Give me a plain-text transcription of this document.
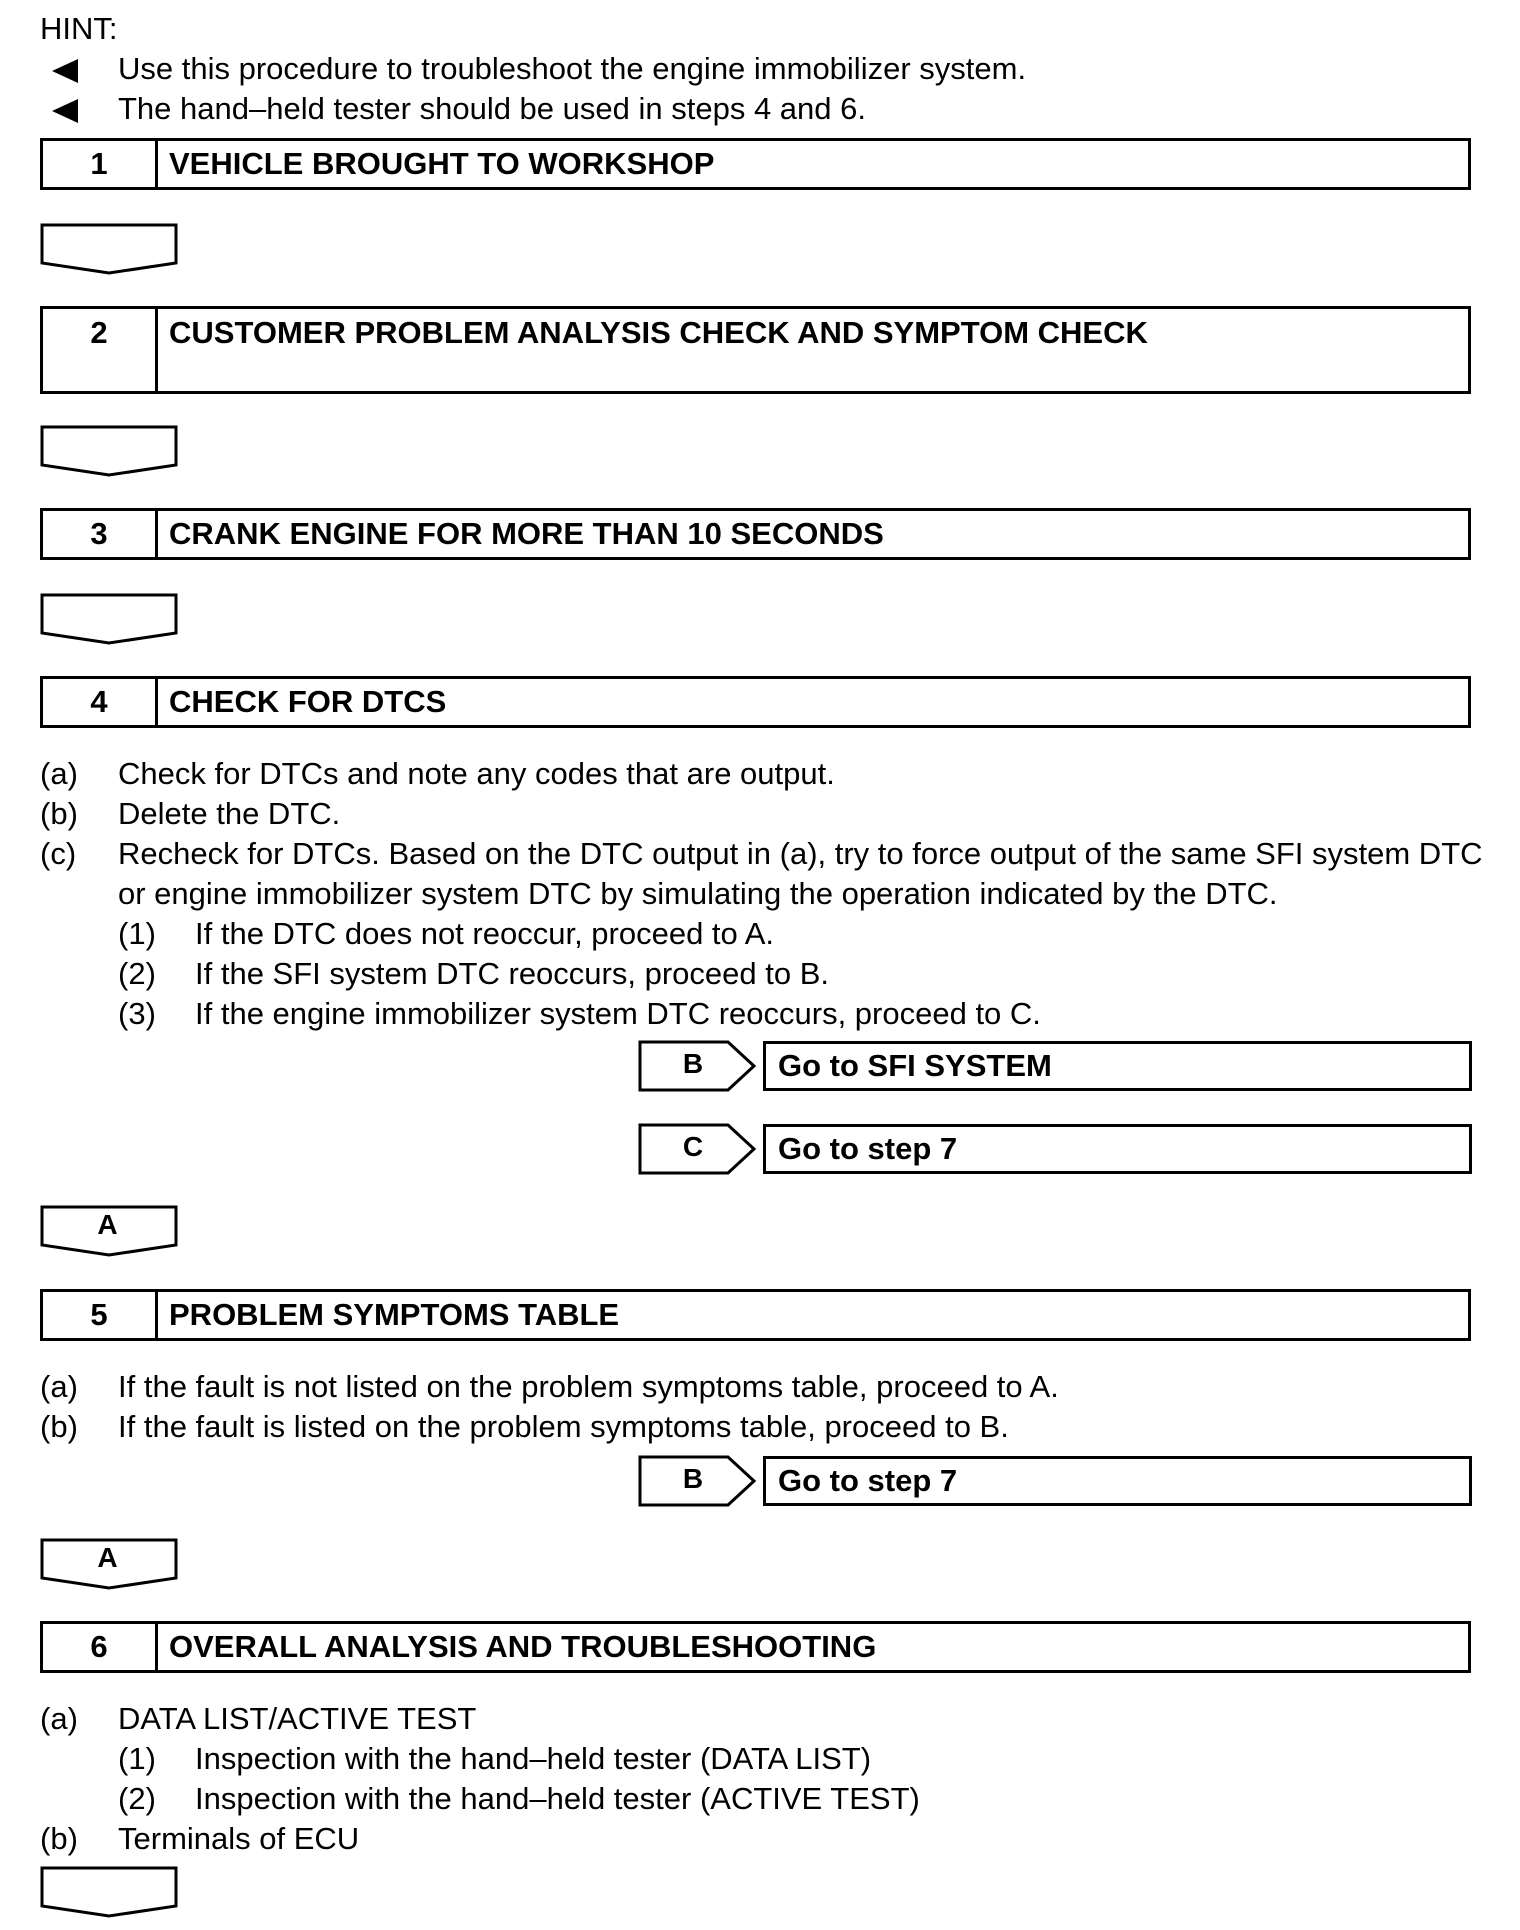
HINT:
Use this procedure to troubleshoot the engine immobilizer system.
The hand–held tester should be used in steps 4 and 6.
1	VEHICLE BROUGHT TO WORKSHOP
2	CUSTOMER PROBLEM ANALYSIS CHECK AND SYMPTOM CHECK
3	CRANK ENGINE FOR MORE THAN 10 SECONDS
4	CHECK FOR DTCS
(a) Check for DTCs and note any codes that are output.
(b) Delete the DTC.
(c) Recheck for DTCs. Based on the DTC output in (a), try to force output of the same SFI system DTC
or engine immobilizer system DTC by simulating the operation indicated by the DTC.
(1) If the DTC does not reoccur, proceed to A.
(2) If the SFI system DTC reoccurs, proceed to B.
(3) If the engine immobilizer system DTC reoccurs, proceed to C.
B	Go to SFI SYSTEM
C	Go to step 7
A
5	PROBLEM SYMPTOMS TABLE
(a) If the fault is not listed on the problem symptoms table, proceed to A.
(b) If the fault is listed on the problem symptoms table, proceed to B.
B	Go to step 7
A
6	OVERALL ANALYSIS AND TROUBLESHOOTING
(a) DATA LIST/ACTIVE TEST
(1) Inspection with the hand–held tester (DATA LIST)
(2) Inspection with the hand–held tester (ACTIVE TEST)
(b) Terminals of ECU
